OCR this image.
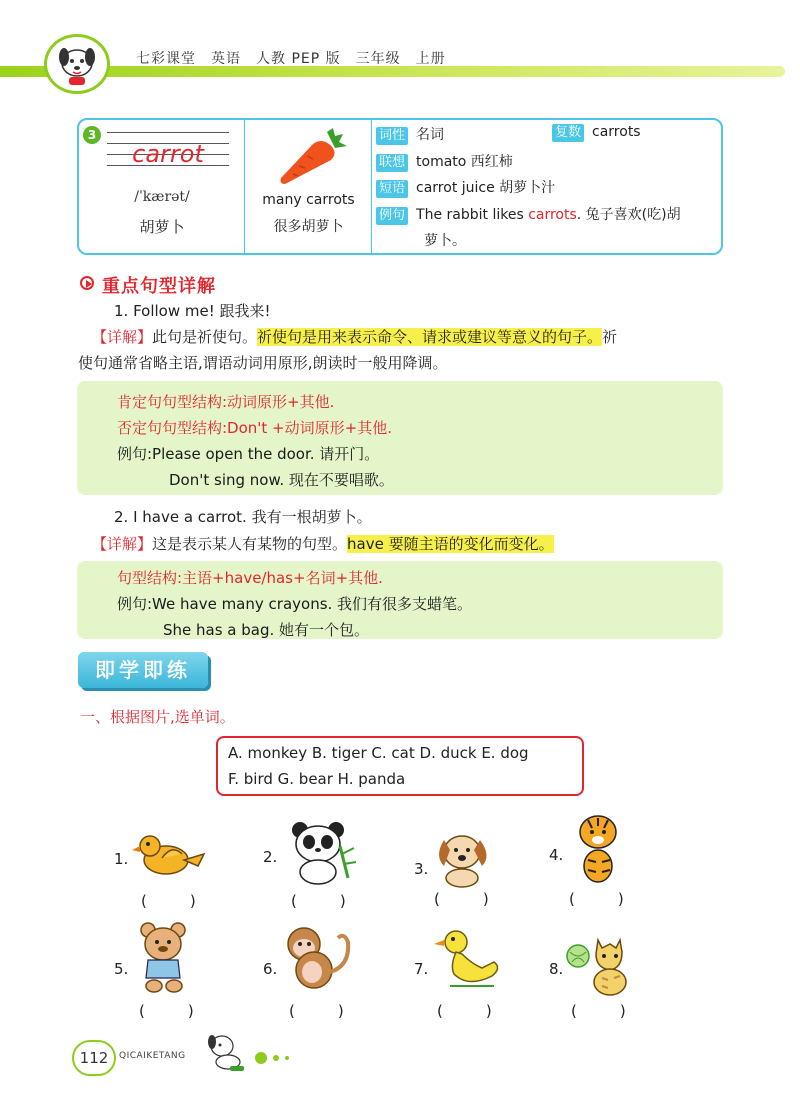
七彩课堂　英语　人教 PEP 版　三年级　上册
3
carrot
/ˈkærət/
胡萝卜
many carrots
很多胡萝卜
词性 名词	复数 carrots
联想 tomato 西红柿
短语 carrot juice 胡萝卜汁
例句 The rabbit likes carrots. 兔子喜欢(吃)胡
萝卜。
重点句型详解
1. Follow me! 跟我来!
【详解】此句是祈使句。祈使句是用来表示命令、请求或建议等意义的句子。祈
使句通常省略主语,谓语动词用原形,朗读时一般用降调。
肯定句句型结构:动词原形+其他.
否定句句型结构:Don't +动词原形+其他.
例句:Please open the door. 请开门。
Don't sing now. 现在不要唱歌。
2. I have a carrot. 我有一根胡萝卜。
【详解】这是表示某人有某物的句型。have 要随主语的变化而变化。
句型结构:主语+have/has+名词+其他.
例句:We have many crayons. 我们有很多支蜡笔。
She has a bag. 她有一个包。
即学即练
一、根据图片,选单词。
A. monkey B. tiger C. cat D. duck E. dog
F. bird G. bear H. panda
1.
(　)
2.
(　)
3.
(　)
4.
(　)
5.
(　)
6.
(　)
7.
(　)
8.
(　)
112	QICAIKETANG
